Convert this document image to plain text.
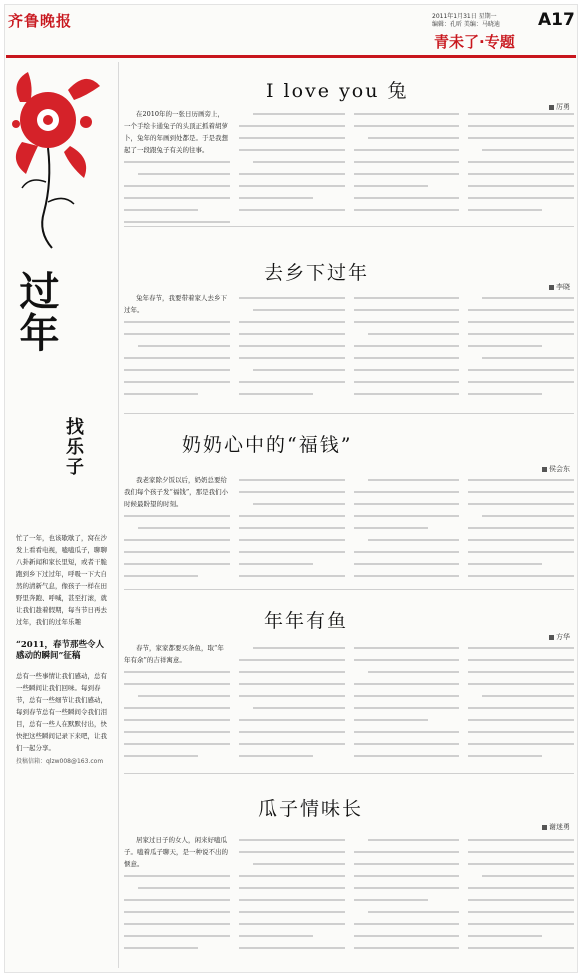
齐鲁晚报	2011年1月31日 星期一
编辑：孔昕 美编：马晓迪	A17
青未了·专题
过年
找乐子
忙了一年，也该歇歇了，窝在沙发上看看电视，嗑嗑瓜子，聊聊八卦新闻和家长里短，或者干脆跑到乡下过过年，呼吸一下大自然的清新气息，像孩子一样在田野里奔跑、呼喊，甚至打滚，就让我们趁着假期，每当节日再去过年，我们的过年乐趣
“2011，春节那些令人感动的瞬间”征稿
总有一些事情让我们感动，总有一些瞬间让我们回味。每到春节，总有一些细节让我们感动，每到春节总有一些瞬间令我们泪目，总有一些人在默默付出，快快把这些瞬间记录下来吧，让我们一起分享。
投稿信箱：qlzw008@163.com
I love you 兔
厉勇

在2010年的一张日历画旁上，一个手绘卡通兔子的头顶正抓着胡萝卜，兔年的年画到处都是。于是我想起了一段跟兔子有关的往事。

去乡下过年
李晓

兔年春节，我要带着家人去乡下过年。

奶奶心中的“福钱”
侯会东

我老家除夕饭以后，奶奶总要给我们每个孩子发“福钱”，那是我们小时候最盼望的时刻。

年年有鱼
方华

春节，家家都要买条鱼，取“年年有余”的吉祥寓意。

瓜子情味长
谢迷勇

居家过日子的女人，闲来好嗑瓜子。嗑着瓜子聊天，是一种说不出的惬意。
